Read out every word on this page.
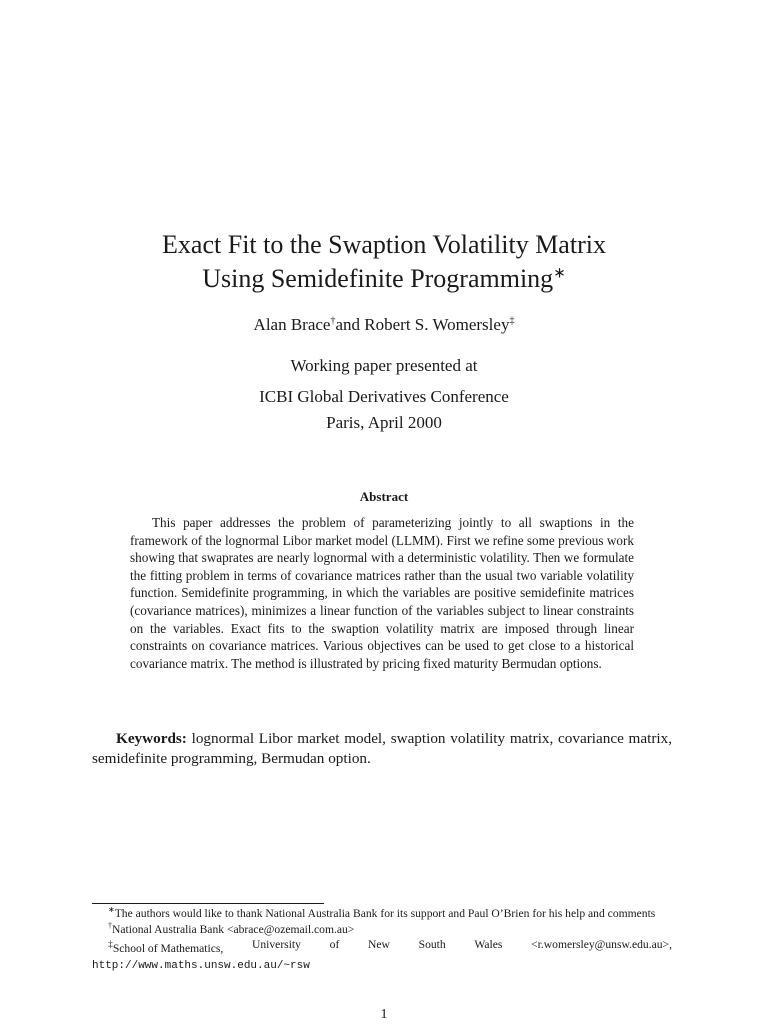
Exact Fit to the Swaption Volatility Matrix
Using Semidefinite Programming∗
Alan Brace†and Robert S. Womersley‡
Working paper presented at
ICBI Global Derivatives Conference
Paris, April 2000
Abstract

This paper addresses the problem of parameterizing jointly to all swaptions in the framework of the lognormal Libor market model (LLMM). First we refine some previous work showing that swaprates are nearly lognormal with a deterministic volatility. Then we formulate the fitting problem in terms of covariance matrices rather than the usual two variable volatility function. Semidefinite programming, in which the variables are positive semidefinite matrices (covariance matrices), minimizes a linear function of the variables subject to linear constraints on the variables. Exact fits to the swaption volatility matrix are imposed through linear constraints on covariance matrices. Various objectives can be used to get close to a historical covariance matrix. The method is illustrated by pricing fixed maturity Bermudan options.

Keywords: lognormal Libor market model, swaption volatility matrix, covariance matrix, semidefinite programming, Bermudan option.

∗The authors would like to thank National Australia Bank for its support and Paul O’Brien for his help and comments

†National Australia Bank <abrace@ozemail.com.au>

‡School of Mathematics, University of New South Wales <r.womersley@unsw.edu.au>,

http://www.maths.unsw.edu.au/~rsw

1
